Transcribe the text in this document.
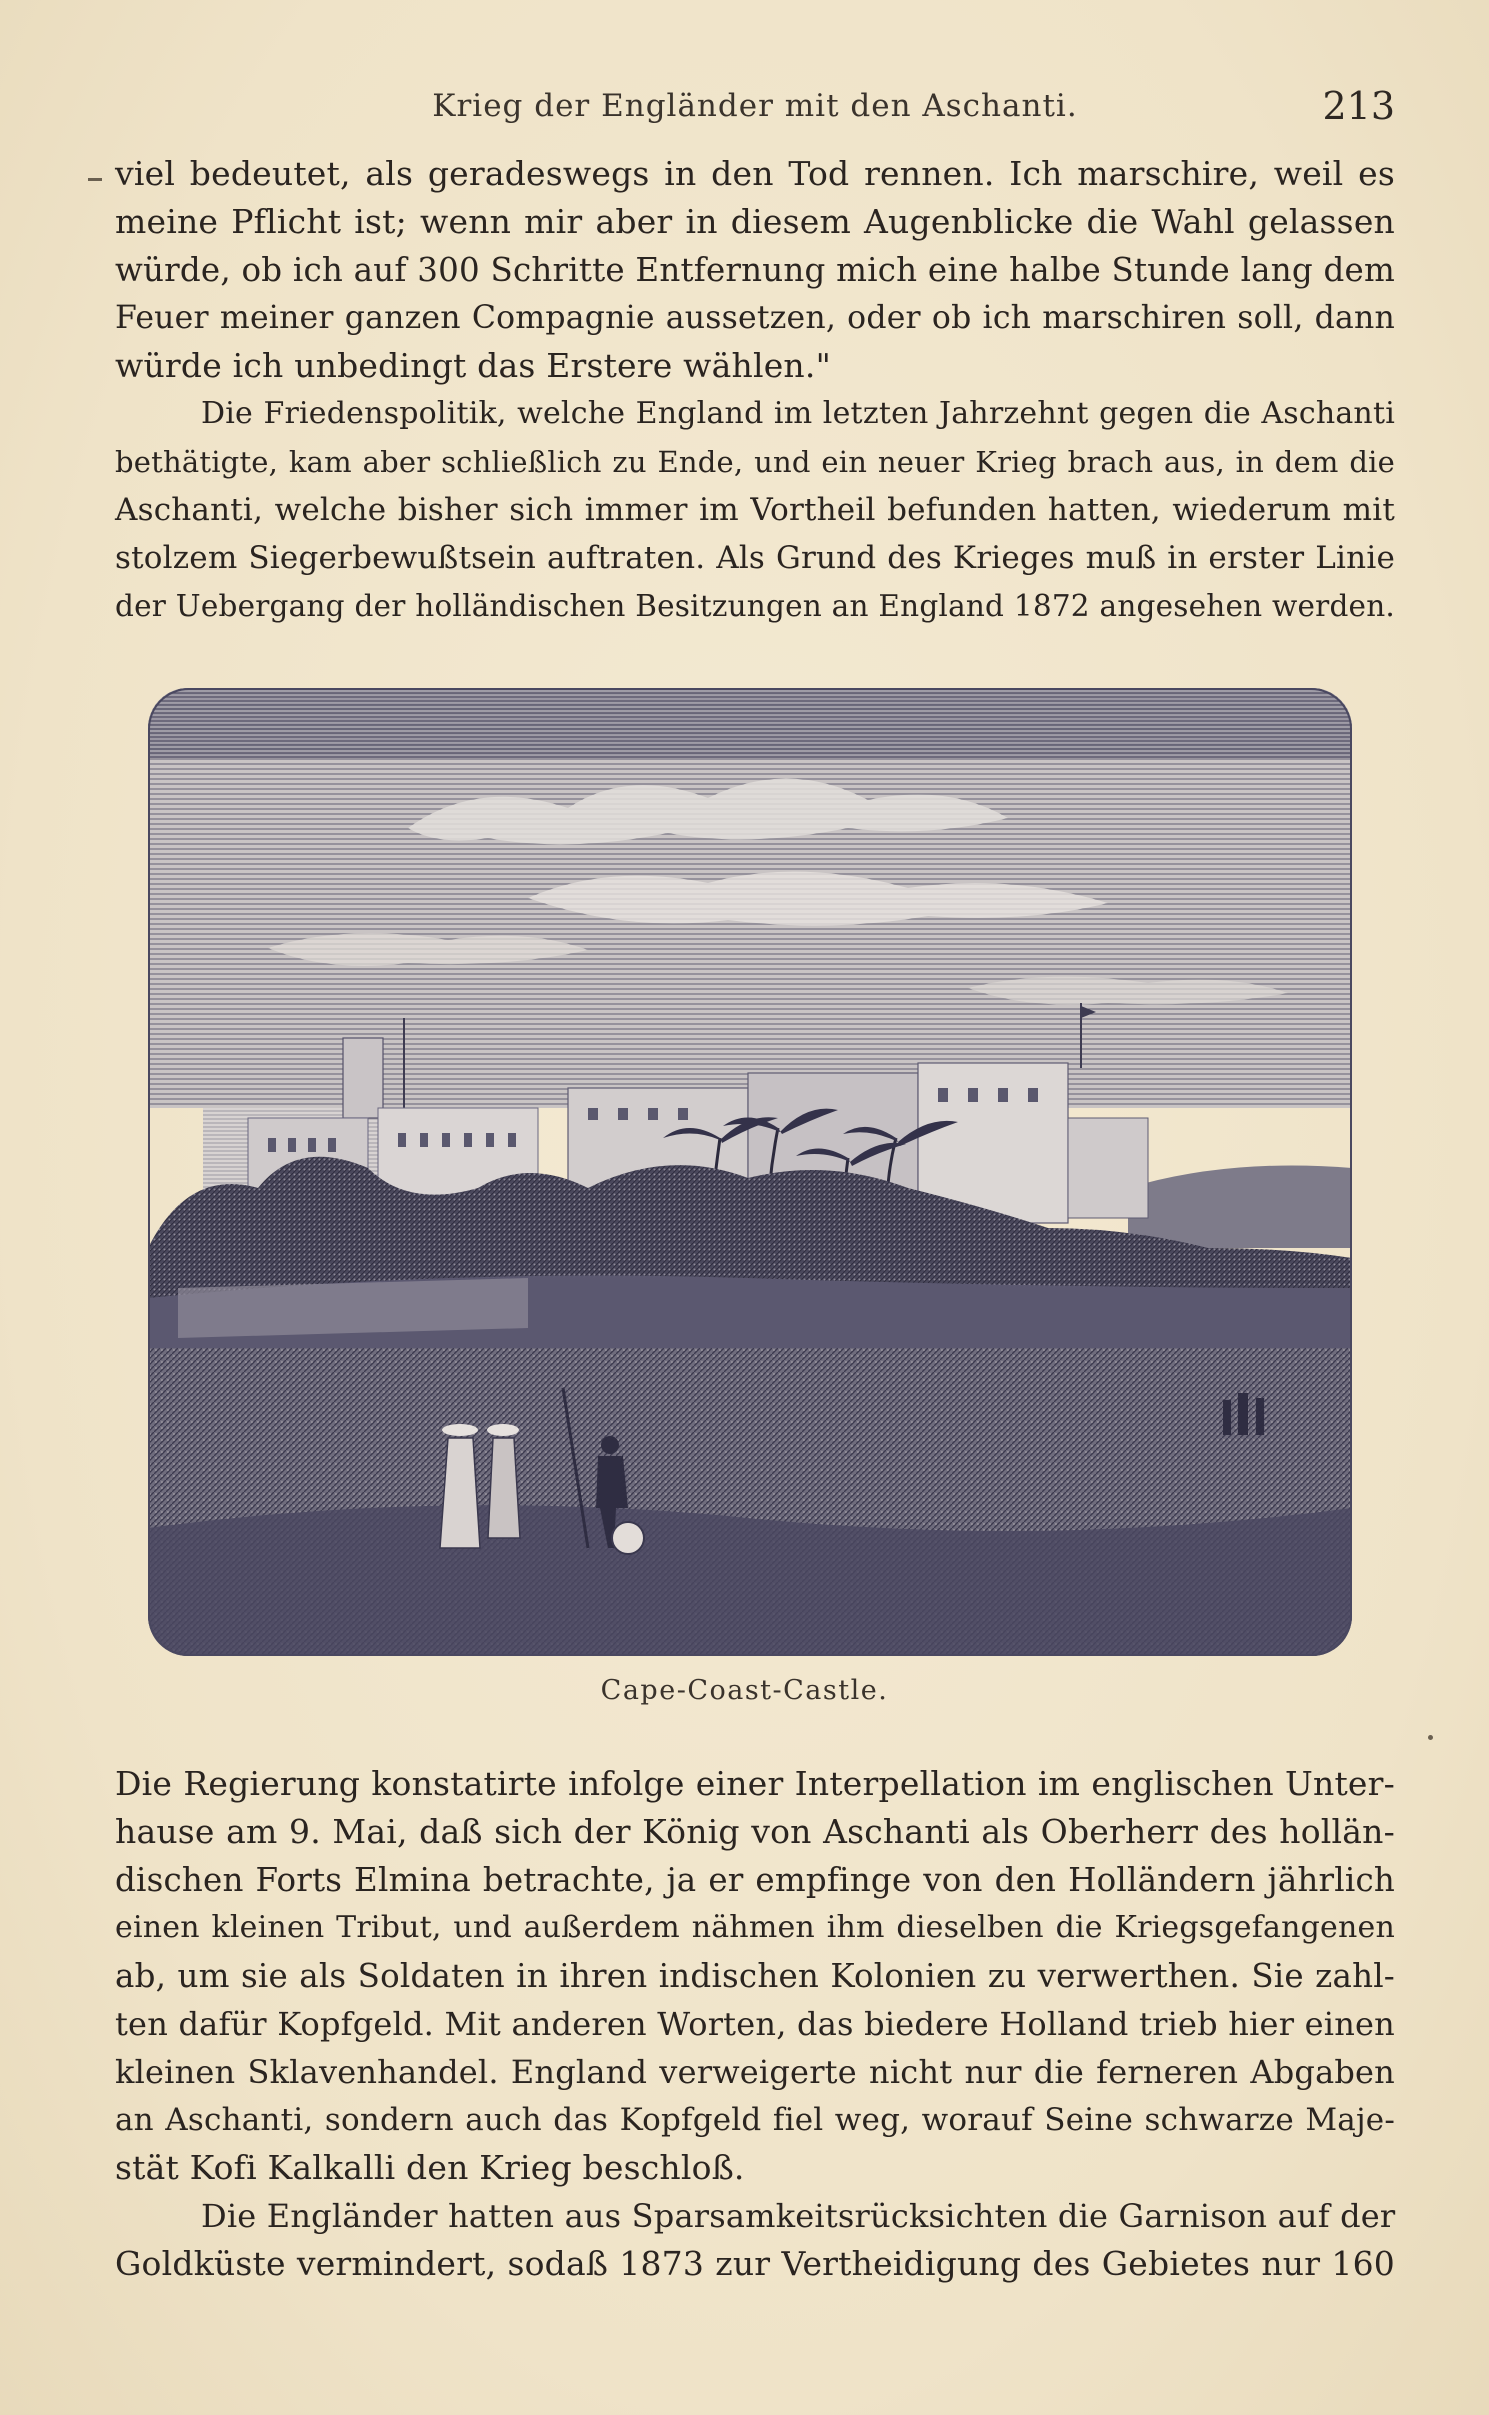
Krieg der Engländer mit den Aschanti.	213
viel bedeutet, als geradeswegs in den Tod rennen. Ich marschire, weil es
meine Pflicht ist; wenn mir aber in diesem Augenblicke die Wahl gelassen
würde, ob ich auf 300 Schritte Entfernung mich eine halbe Stunde lang dem
Feuer meiner ganzen Compagnie aussetzen, oder ob ich marschiren soll, dann
würde ich unbedingt das Erstere wählen."
Die Friedenspolitik, welche England im letzten Jahrzehnt gegen die Aschanti
bethätigte, kam aber schließlich zu Ende, und ein neuer Krieg brach aus, in dem die
Aschanti, welche bisher sich immer im Vortheil befunden hatten, wiederum mit
stolzem Siegerbewußtsein auftraten. Als Grund des Krieges muß in erster Linie
der Uebergang der holländischen Besitzungen an England 1872 angesehen werden.
Cape-Coast-Castle.
Die Regierung konstatirte infolge einer Interpellation im englischen Unter-
hause am 9. Mai, daß sich der König von Aschanti als Oberherr des hollän-
dischen Forts Elmina betrachte, ja er empfinge von den Holländern jährlich
einen kleinen Tribut, und außerdem nähmen ihm dieselben die Kriegsgefangenen
ab, um sie als Soldaten in ihren indischen Kolonien zu verwerthen. Sie zahl-
ten dafür Kopfgeld. Mit anderen Worten, das biedere Holland trieb hier einen
kleinen Sklavenhandel. England verweigerte nicht nur die ferneren Abgaben
an Aschanti, sondern auch das Kopfgeld fiel weg, worauf Seine schwarze Maje-
stät Kofi Kalkalli den Krieg beschloß.
Die Engländer hatten aus Sparsamkeitsrücksichten die Garnison auf der
Goldküste vermindert, sodaß 1873 zur Vertheidigung des Gebietes nur 160
